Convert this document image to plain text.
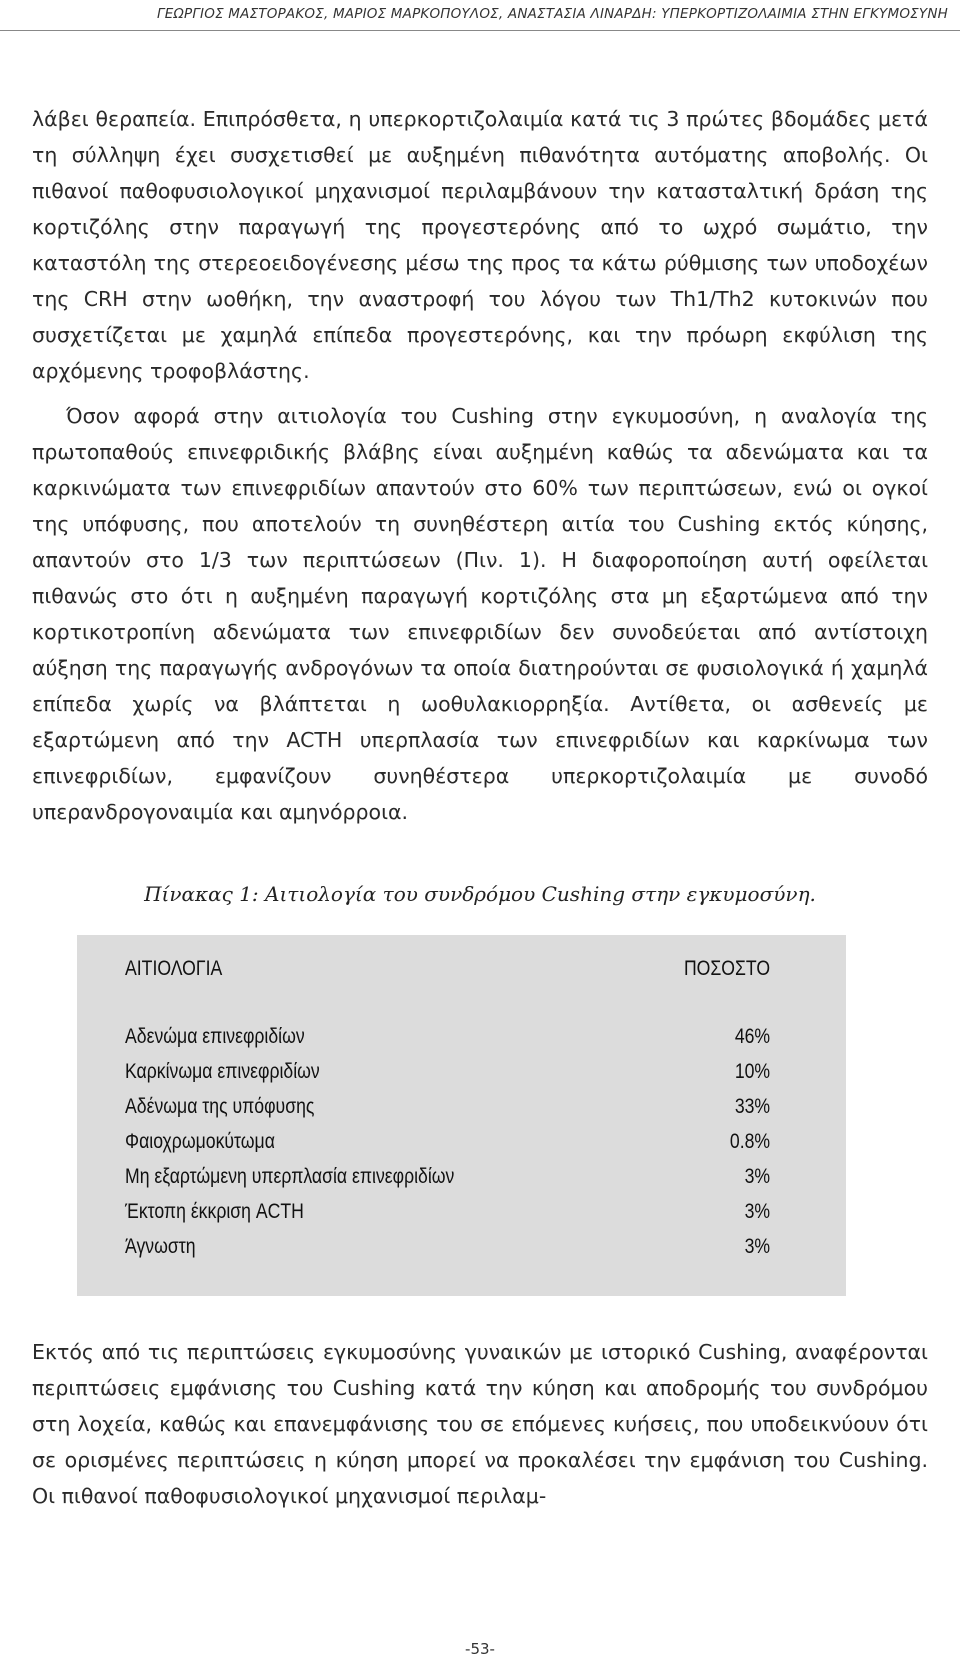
ΓΕΩΡΓΙΟΣ ΜΑΣΤΟΡΑΚΟΣ, ΜΑΡΙΟΣ ΜΑΡΚΟΠΟΥΛΟΣ, ΑΝΑΣΤΑΣΙΑ ΛΙΝΑΡΔΗ: ΥΠΕΡΚΟΡΤΙΖΟΛΑΙΜΙΑ ΣΤΗΝ ΕΓΚΥΜΟΣΥΝΗ

λάβει θεραπεία. Επιπρόσθετα, η υπερκορτιζολαιμία κατά τις 3 πρώτες βδομάδες μετά τη σύλληψη έχει συσχετισθεί με αυξημένη πιθανότητα αυτόματης αποβολής. Οι πιθανοί παθοφυσιολογικοί μηχανισμοί περιλαμβάνουν την κατασταλτική δράση της κορτιζόλης στην παραγωγή της προγεστερόνης από το ωχρό σωμάτιο, την καταστόλη της στερεοειδογένεσης μέσω της προς τα κάτω ρύθμισης των υποδοχέων της CRH στην ωοθήκη, την αναστροφή του λόγου των Th1/Th2 κυτοκινών που συσχετίζεται με χαμηλά επίπεδα προγεστερόνης, και την πρόωρη εκφύλιση της αρχόμενης τροφοβλάστης.

Όσον αφορά στην αιτιολογία του Cushing στην εγκυμοσύνη, η αναλογία της πρωτοπαθούς επινεφριδικής βλάβης είναι αυξημένη καθώς τα αδενώματα και τα καρκινώματα των επινεφριδίων απαντούν στο 60% των περιπτώσεων, ενώ οι ογκοί της υπόφυσης, που αποτελούν τη συνηθέστερη αιτία του Cushing εκτός κύησης, απαντούν στο 1/3 των περιπτώσεων (Πιν. 1). Η διαφοροποίηση αυτή οφείλεται πιθανώς στο ότι η αυξημένη παραγωγή κορτιζόλης στα μη εξαρτώμενα από την κορτικοτροπίνη αδενώματα των επινεφριδίων δεν συνοδεύεται από αντίστοιχη αύξηση της παραγωγής ανδρογόνων τα οποία διατηρούνται σε φυσιολογικά ή χαμηλά επίπεδα χωρίς να βλάπτεται η ωοθυλακιορρηξία. Αντίθετα, οι ασθενείς με εξαρτώμενη από την ACTH υπερπλασία των επινεφριδίων και καρκίνωμα των επινεφριδίων, εμφανίζουν συνηθέστερα υπερκορτιζολαιμία με συνοδό υπερανδρογοναιμία και αμηνόρροια.

Πίνακας 1: Αιτιολογία του συνδρόμου Cushing στην εγκυμοσύνη.
ΑΙΤΙΟΛΟΓΙΑ	ΠΟΣΟΣΤΟ
Αδενώμα επινεφριδίων	46%
Καρκίνωμα επινεφριδίων	10%
Αδένωμα της υπόφυσης	33%
Φαιοχρωμοκύτωμα	0.8%
Μη εξαρτώμενη υπερπλασία επινεφριδίων	3%
Έκτοπη έκκριση ACTH	3%
Άγνωστη	3%

Εκτός από τις περιπτώσεις εγκυμοσύνης γυναικών με ιστορικό Cushing, αναφέρονται περιπτώσεις εμφάνισης του Cushing κατά την κύηση και αποδρομής του συνδρόμου στη λοχεία, καθώς και επανεμφάνισης του σε επόμενες κυήσεις, που υποδεικνύουν ότι σε ορισμένες περιπτώσεις η κύηση μπορεί να προκαλέσει την εμφάνιση του Cushing. Οι πιθανοί παθοφυσιολογικοί μηχανισμοί περιλαμ-

-53-
